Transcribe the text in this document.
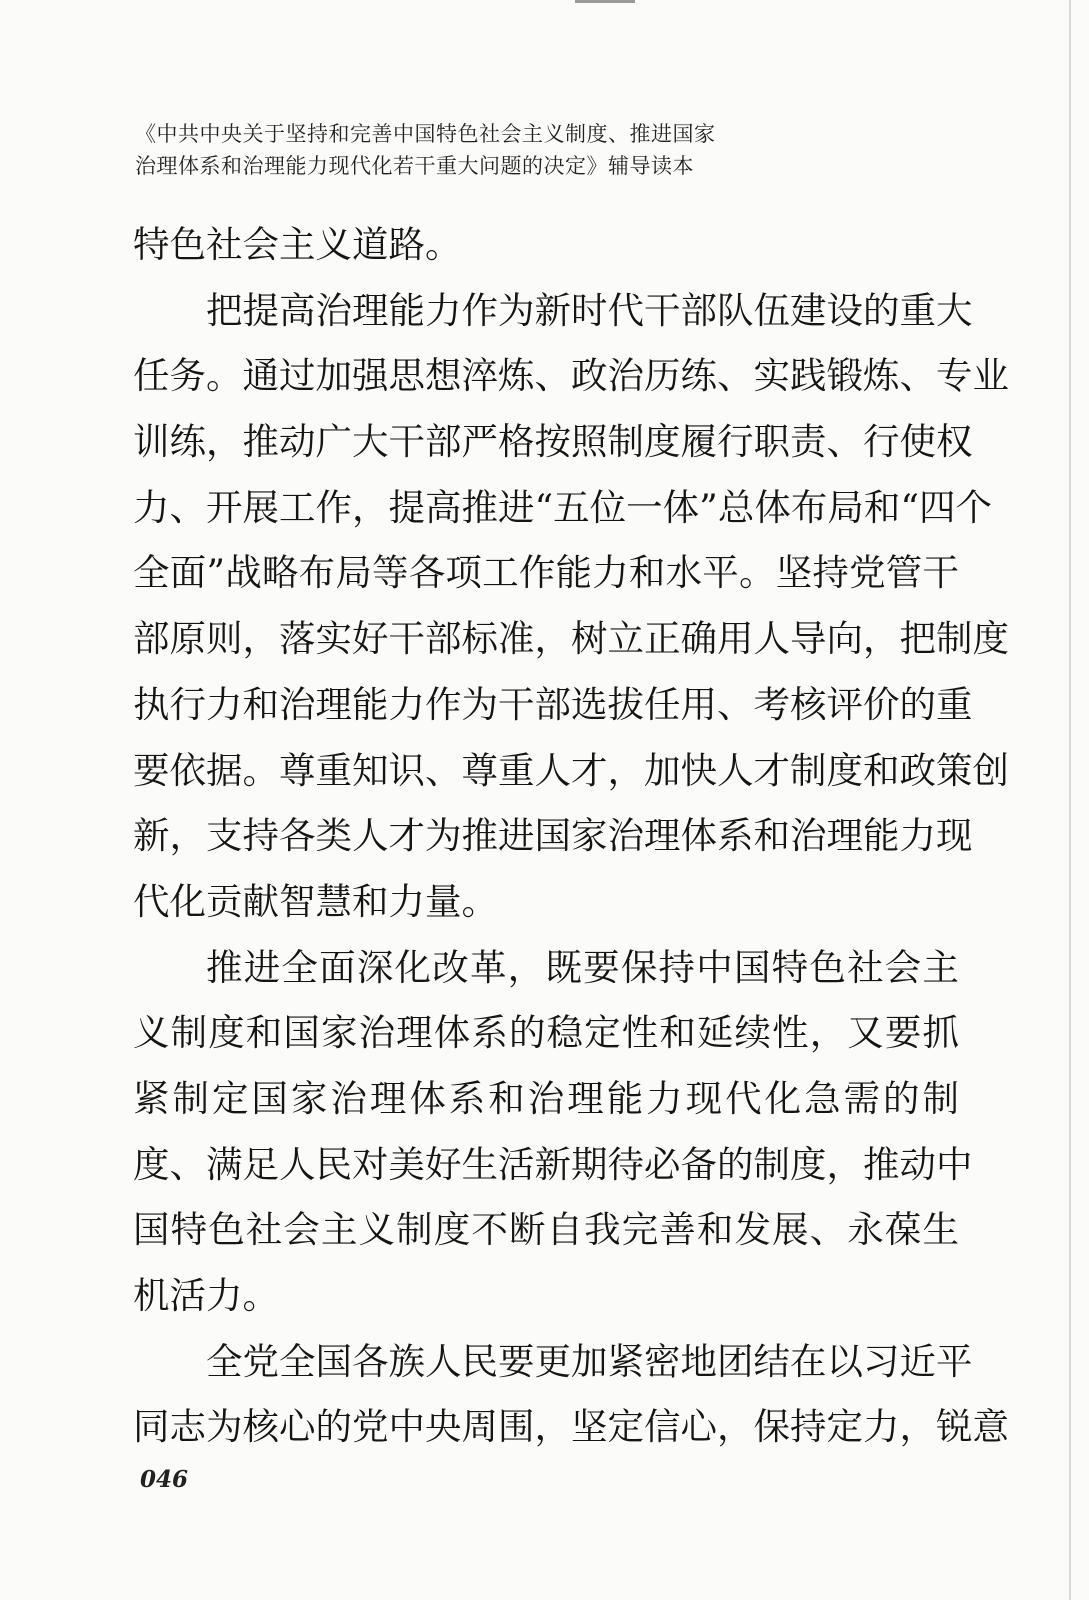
《中共中央关于坚持和完善中国特色社会主义制度、推进国家
治理体系和治理能力现代化若干重大问题的决定》辅导读本
特色社会主义道路。
把提高治理能力作为新时代干部队伍建设的重大
任务。通过加强思想淬炼、政治历练、实践锻炼、专业
训练，推动广大干部严格按照制度履行职责、行使权
力、开展工作，提高推进“五位一体”总体布局和“四个
全面”战略布局等各项工作能力和水平。坚持党管干
部原则，落实好干部标准，树立正确用人导向，把制度
执行力和治理能力作为干部选拔任用、考核评价的重
要依据。尊重知识、尊重人才，加快人才制度和政策创
新，支持各类人才为推进国家治理体系和治理能力现
代化贡献智慧和力量。
推进全面深化改革，既要保持中国特色社会主
义制度和国家治理体系的稳定性和延续性，又要抓
紧制定国家治理体系和治理能力现代化急需的制
度、满足人民对美好生活新期待必备的制度，推动中
国特色社会主义制度不断自我完善和发展、永葆生
机活力。
全党全国各族人民要更加紧密地团结在以习近平
同志为核心的党中央周围，坚定信心，保持定力，锐意
046
